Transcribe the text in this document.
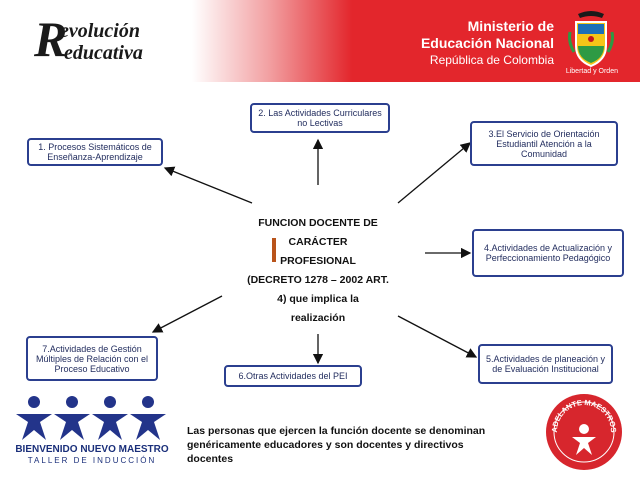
R
evolución
educativa
Ministerio de
Educación Nacional
República de Colombia
Libertad y Orden
1. Procesos Sistemáticos de Enseñanza-Aprendizaje
2. Las Actividades Curriculares no Lectivas
3.El Servicio de Orientación Estudiantil Atención a la Comunidad
4.Actividades de Actualización y Perfeccionamiento Pedagógico
5.Actividades de planeación y de Evaluación Institucional
6.Otras Actividades del PEI
7.Actividades de Gestión Múltiples de Relación con el Proceso Educativo
FUNCION DOCENTE DE
CARÁCTER
PROFESIONAL
(DECRETO 1278 – 2002 ART.
4) que implica la
realización
BIENVENIDO NUEVO MAESTRO
TALLER DE INDUCCIÓN
Las personas que ejercen la función docente se denominan genéricamente educadores y son docentes y directivos docentes
ADELANTE MAESTROS
